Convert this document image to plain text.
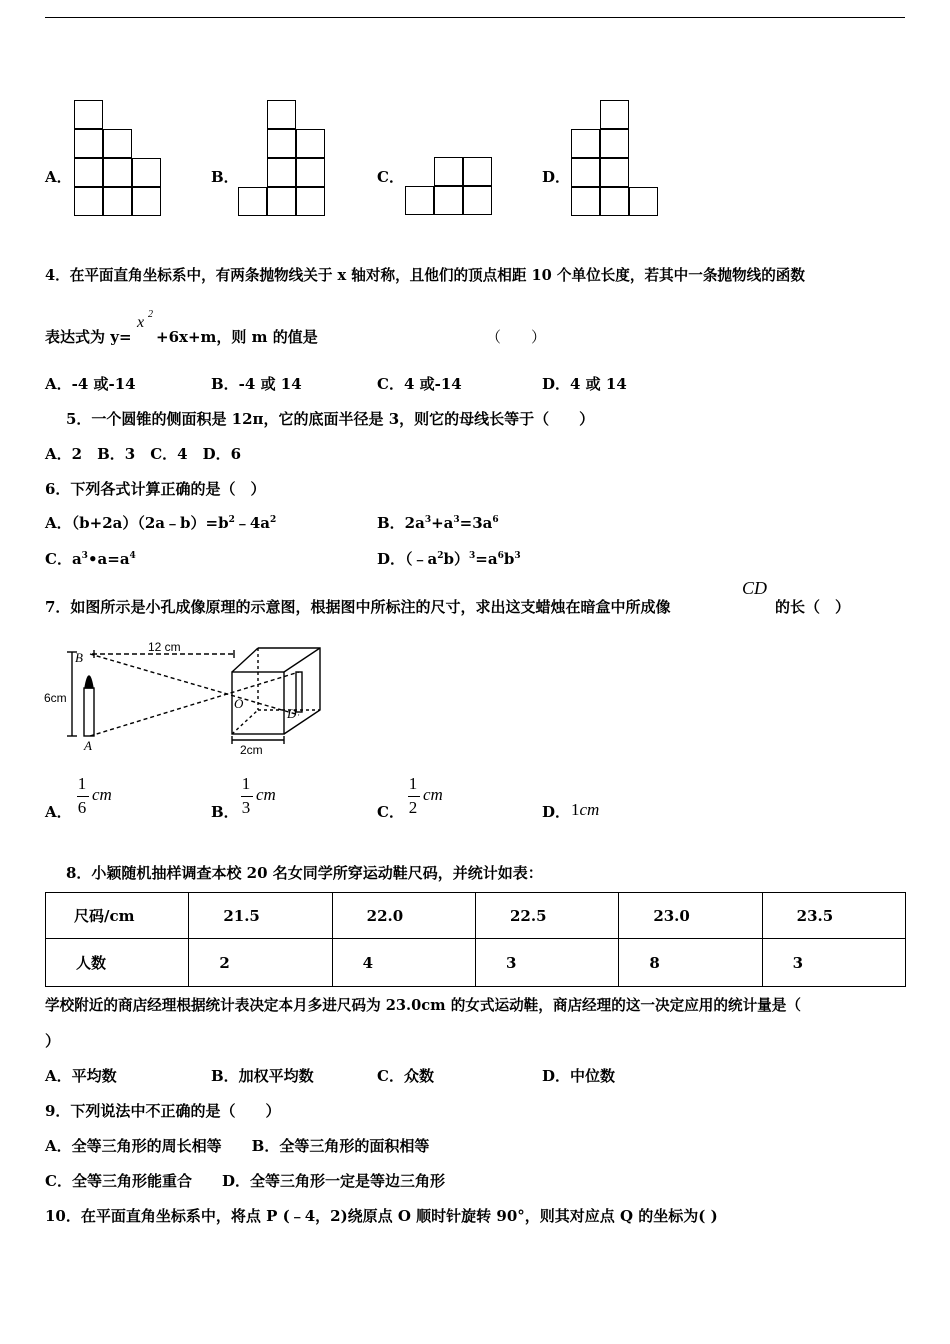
A．	B．	C．	D．
4．在平面直角坐标系中，有两条抛物线关于 x 轴对称，且他们的顶点相距 10 个单位长度，若其中一条抛物线的函数
表达式为 y=
x 2
+6x+m，则 m 的值是	（　　）
A．-4 或-14	B．-4 或 14	C．4 或-14	D．4 或 14
5．一个圆锥的侧面积是 12π，它的底面半径是 3，则它的母线长等于（　　）
A．2　B．3　C．4　D．6
6．下列各式计算正确的是（　）
A．$(b+2a)(2a﹣b)=b^2﹣4a^2$	B．$2a^3+a^3=3a^6$
C．$a^3•a=a^4$	D．$(﹣a^2b)^3=a^6b^3$
7．如图所示是小孔成像原理的示意图，根据图中所标注的尺寸，求出这支蜡烛在暗盒中所成像
CD
的长（　）
12 cm
6cm
2cm
B
A
O
D
A．
1
6
cm
B．
1
3
cm
C．
1
2
cm
D． 1cm
8．小颖随机抽样调查本校 20 名女同学所穿运动鞋尺码，并统计如表：
尺码/cm	21.5	22.0	22.5	23.0	23.5
人数	2	4	3	8	3
学校附近的商店经理根据统计表决定本月多进尺码为 23.0cm 的女式运动鞋，商店经理的这一决定应用的统计量是（
）
A．平均数	B．加权平均数	C．众数	D．中位数
9．下列说法中不正确的是（　　）
A．全等三角形的周长相等　　B．全等三角形的面积相等
C．全等三角形能重合　　D．全等三角形一定是等边三角形
10．在平面直角坐标系中，将点 P (﹣4，2)绕原点 O 顺时针旋转 90°，则其对应点 Q 的坐标为( )
